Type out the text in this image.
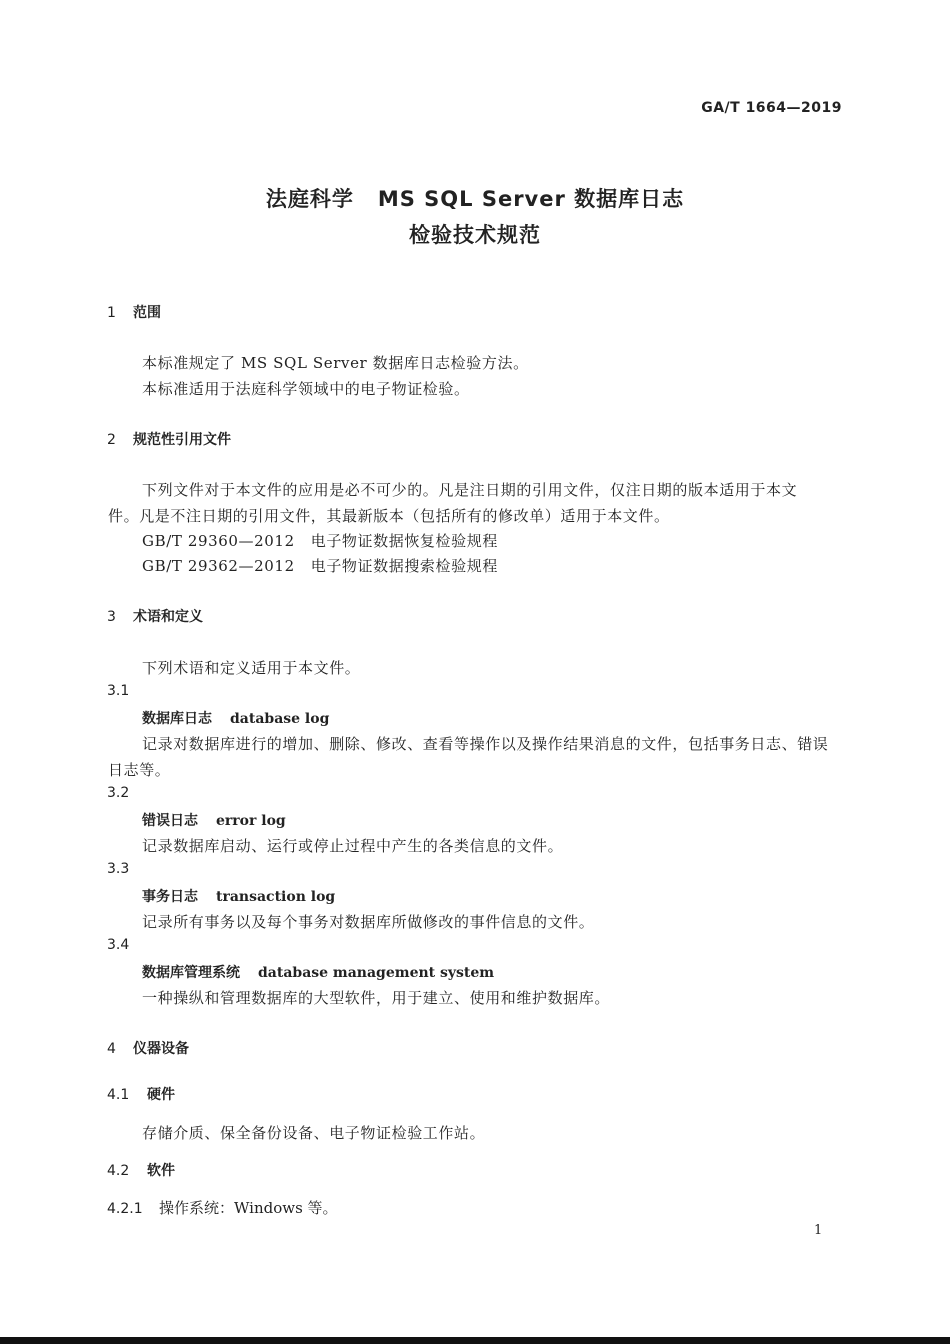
GA/T 1664—2019
法庭科学 MS SQL Server 数据库日志
检验技术规范
1 范围
本标准规定了 MS SQL Server 数据库日志检验方法。
本标准适用于法庭科学领域中的电子物证检验。
2 规范性引用文件
下列文件对于本文件的应用是必不可少的。凡是注日期的引用文件，仅注日期的版本适用于本文
件。凡是不注日期的引用文件，其最新版本（包括所有的修改单）适用于本文件。
GB/T 29360—2012 电子物证数据恢复检验规程
GB/T 29362—2012 电子物证数据搜索检验规程
3 术语和定义
下列术语和定义适用于本文件。
3.1
数据库日志 database log
记录对数据库进行的增加、删除、修改、查看等操作以及操作结果消息的文件，包括事务日志、错误
日志等。
3.2
错误日志 error log
记录数据库启动、运行或停止过程中产生的各类信息的文件。
3.3
事务日志 transaction log
记录所有事务以及每个事务对数据库所做修改的事件信息的文件。
3.4
数据库管理系统 database management system
一种操纵和管理数据库的大型软件，用于建立、使用和维护数据库。
4 仪器设备
4.1 硬件
存储介质、保全备份设备、电子物证检验工作站。
4.2 软件
4.2.1 操作系统：Windows 等。
1
